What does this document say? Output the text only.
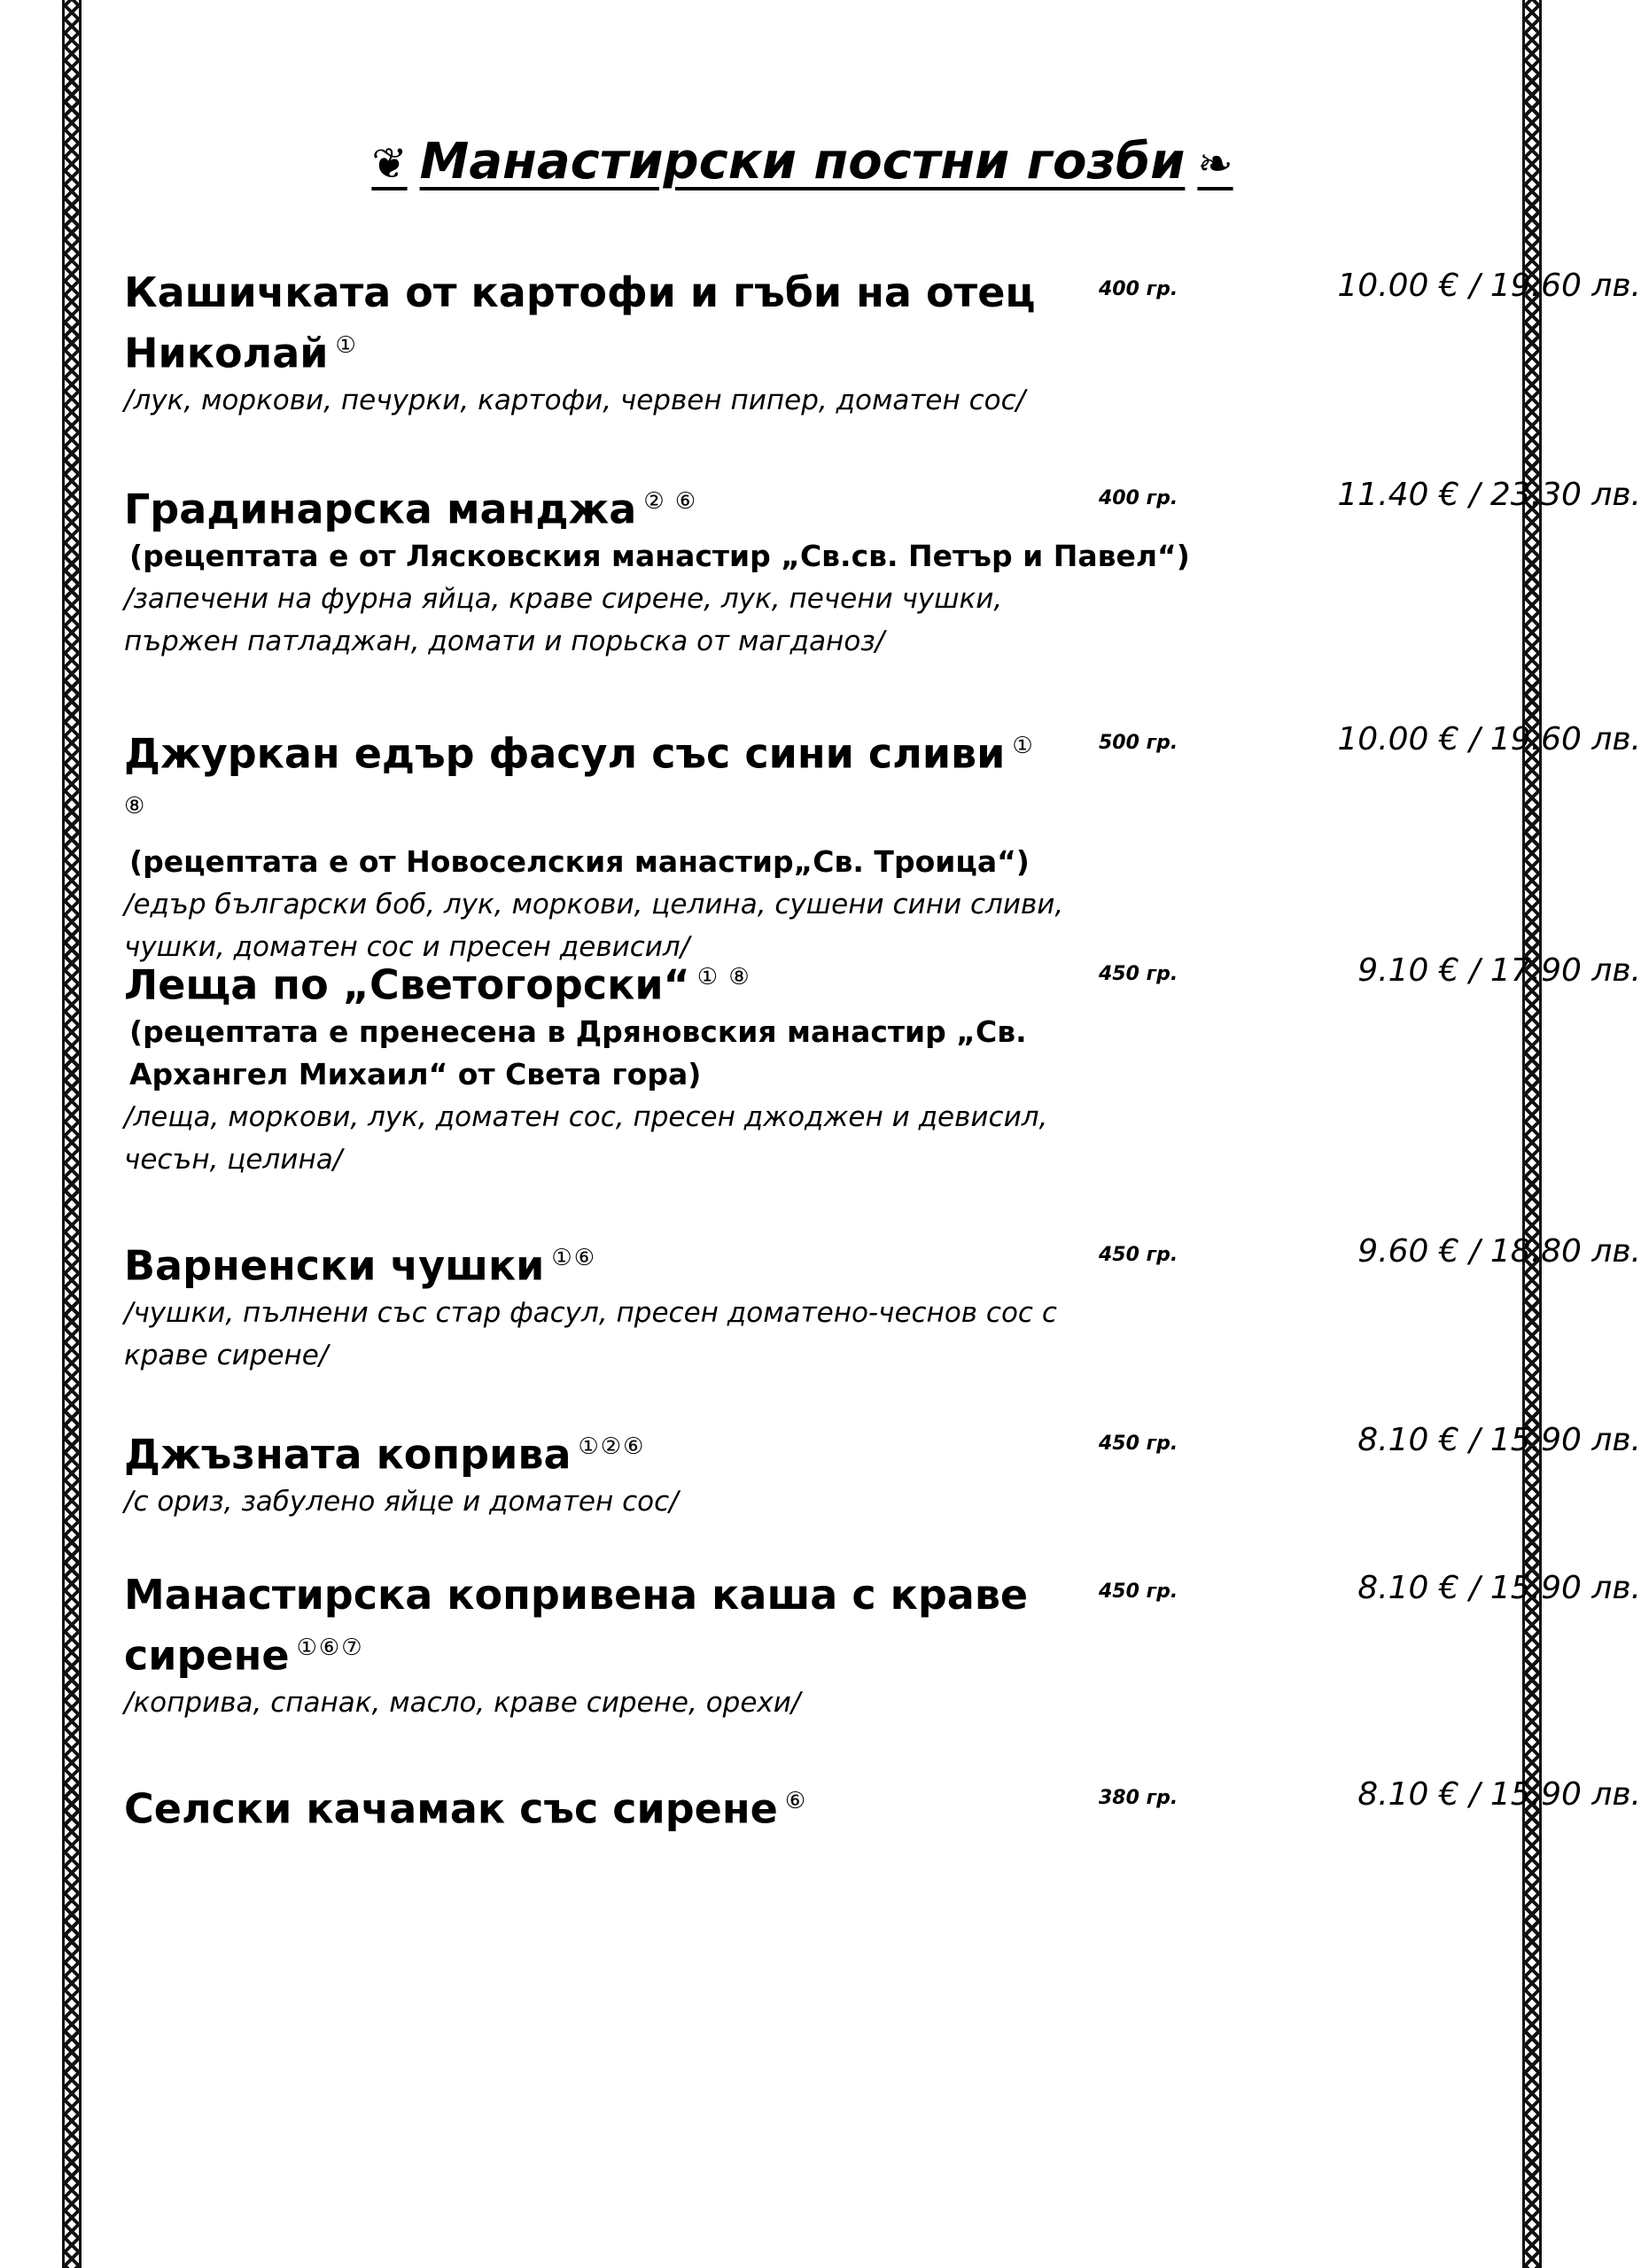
❦ Манастирски постни гозби ❧
Кашичката от картофи и гъби на отец Николай ①
/лук, моркови, печурки, картофи, червен пипер, доматен сос/
400 гр.	10.00 € / 19.60 лв.
Градинарска манджа ② ⑥
(рецептата е от Лясковския манастир „Св.св. Петър и Павел“)
/запечени на фурна яйца, краве сирене, лук, печени чушки, пържен патладжан, домати и порьска от магданоз/
400 гр.	11.40 € / 23.30 лв.
Джуркан едър фасул със сини сливи ① ⑧
(рецептата е от Новоселския манастир„Св. Троица“)
/едър български боб, лук, моркови, целина, сушени сини сливи, чушки, доматен сос и пресен девисил/
500 гр.	10.00 € / 19.60 лв.
Леща по „Светогорски“ ① ⑧
(рецептата е пренесена в Дряновския манастир „Св. Архангел Михаил“ от Света гора)
/леща, моркови, лук, доматен сос, пресен джоджен и девисил, чесън, целина/
450 гр.	9.10 € / 17.90 лв.
Варненски чушки ①⑥
/чушки, пълнени със стар фасул, пресен доматено-чеснов сос с краве сирене/
450 гр.	9.60 € / 18.80 лв.
Джъзната коприва ①②⑥
/с ориз, забулено яйце и доматен сос/
450 гр.	8.10 € / 15.90 лв.
Манастирска копривена каша с краве сирене ①⑥⑦
/коприва, спанак, масло, краве сирене, орехи/
450 гр.	8.10 € / 15.90 лв.
Селски качамак със сирене ⑥	380 гр.	8.10 € / 15.90 лв.
